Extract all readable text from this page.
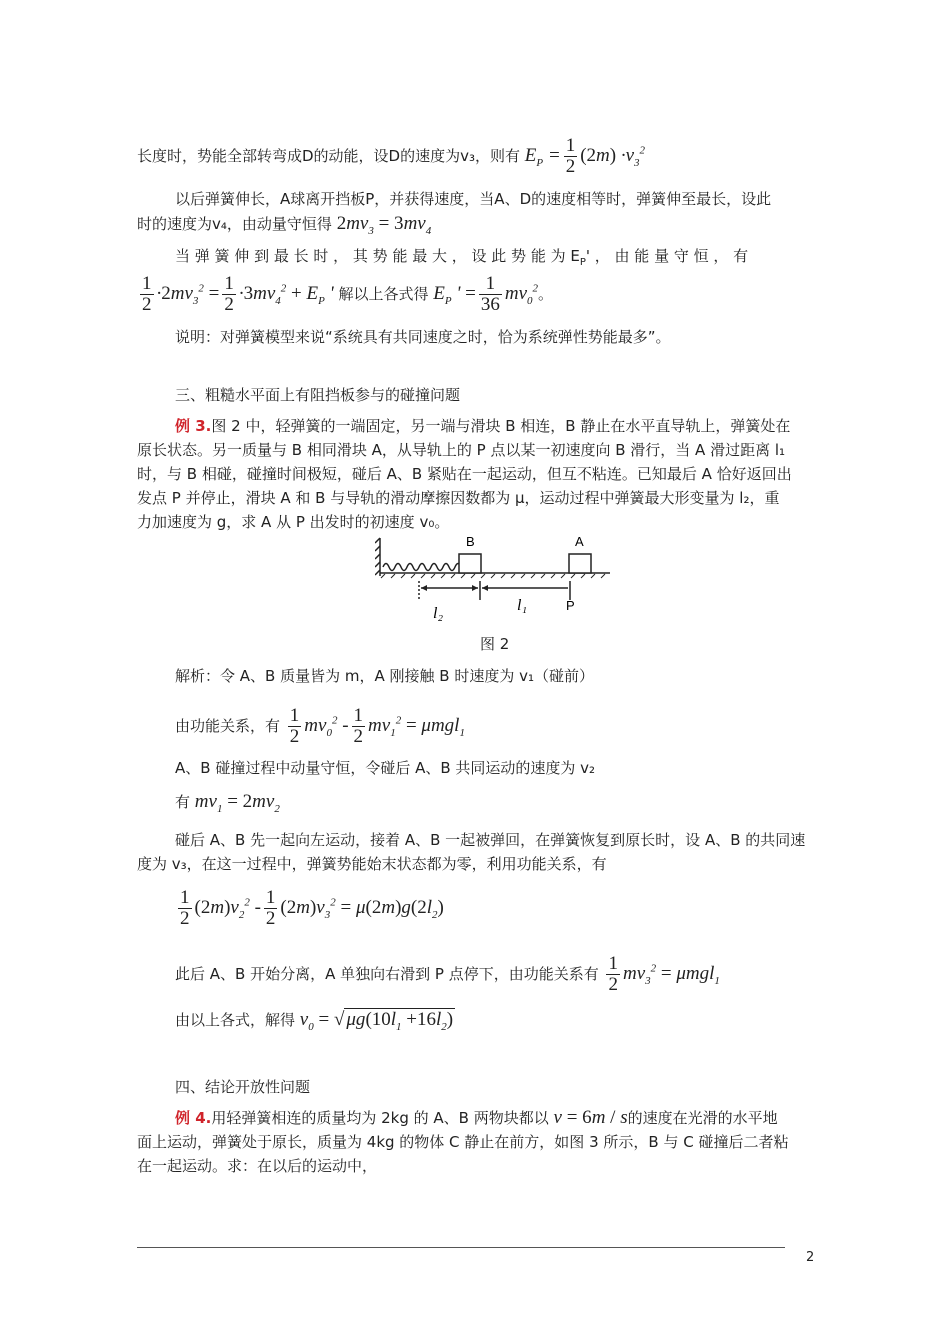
长度时，势能全部转弯成D的动能，设D的速度为v₃，则有 $E_P = \frac{1}{2} (2m) \cdot v_3^2$
以后弹簧伸长，A球离开挡板P，并获得速度，当A、D的速度相等时，弹簧伸至最长，设此
时的速度为v₄，由动量守恒得 $2mv_3 = 3mv_4$
当 弹 簧 伸 到 最 长 时 ， 其 势 能 最 大 ， 设 此 势 能 为 $E_P'$ ， 由 能 量 守 恒 ， 有
$\frac{1}{2} \cdot 2mv_3^2 = \frac{1}{2} \cdot 3mv_4^2 + E_P$ ' 解以上各式得 $E_P$ ' = $\frac{1}{36} mv_0^2$。
说明：对弹簧模型来说“系统具有共同速度之时，恰为系统弹性势能最多”。
三、粗糙水平面上有阻挡板参与的碰撞问题
例 3.图 2 中，轻弹簧的一端固定，另一端与滑块 B 相连，B 静止在水平直导轨上，弹簧处在
原长状态。另一质量与 B 相同滑块 A，从导轨上的 P 点以某一初速度向 B 滑行，当 A 滑过距离 l₁
时，与 B 相碰，碰撞时间极短，碰后 A、B 紧贴在一起运动，但互不粘连。已知最后 A 恰好返回出
发点 P 并停止，滑块 A 和 B 与导轨的滑动摩擦因数都为 μ，运动过程中弹簧最大形变量为 l₂，重
力加速度为 g，求 A 从 P 出发时的初速度 v₀。
B	A
P
l₂	l₁
图 2
解析：令 A、B 质量皆为 m，A 刚接触 B 时速度为 v₁（碰前）
由功能关系，有 $\frac{1}{2} mv_0^2 - \frac{1}{2} mv_1^2 = \mu mgl_1$
A、B 碰撞过程中动量守恒，令碰后 A、B 共同运动的速度为 v₂
有 $mv_1 = 2mv_2$
碰后 A、B 先一起向左运动，接着 A、B 一起被弹回，在弹簧恢复到原长时，设 A、B 的共同速
度为 v₃，在这一过程中，弹簧势能始末状态都为零，利用功能关系，有
$\frac{1}{2} (2m)v_2^2 - \frac{1}{2} (2m)v_3^2 = \mu(2m)g(2l_2)$
此后 A、B 开始分离，A 单独向右滑到 P 点停下，由功能关系有 $\frac{1}{2} mv_3^2 = \mu mgl_1$
由以上各式，解得 $v_0$ = √ $\mu g(10l_1 +16l_2)$
四、结论开放性问题
例 4.用轻弹簧相连的质量均为 2kg 的 A、B 两物块都以 v = 6m / s的速度在光滑的水平地
面上运动，弹簧处于原长，质量为 4kg 的物体 C 静止在前方，如图 3 所示，B 与 C 碰撞后二者粘
在一起运动。求：在以后的运动中，
2
